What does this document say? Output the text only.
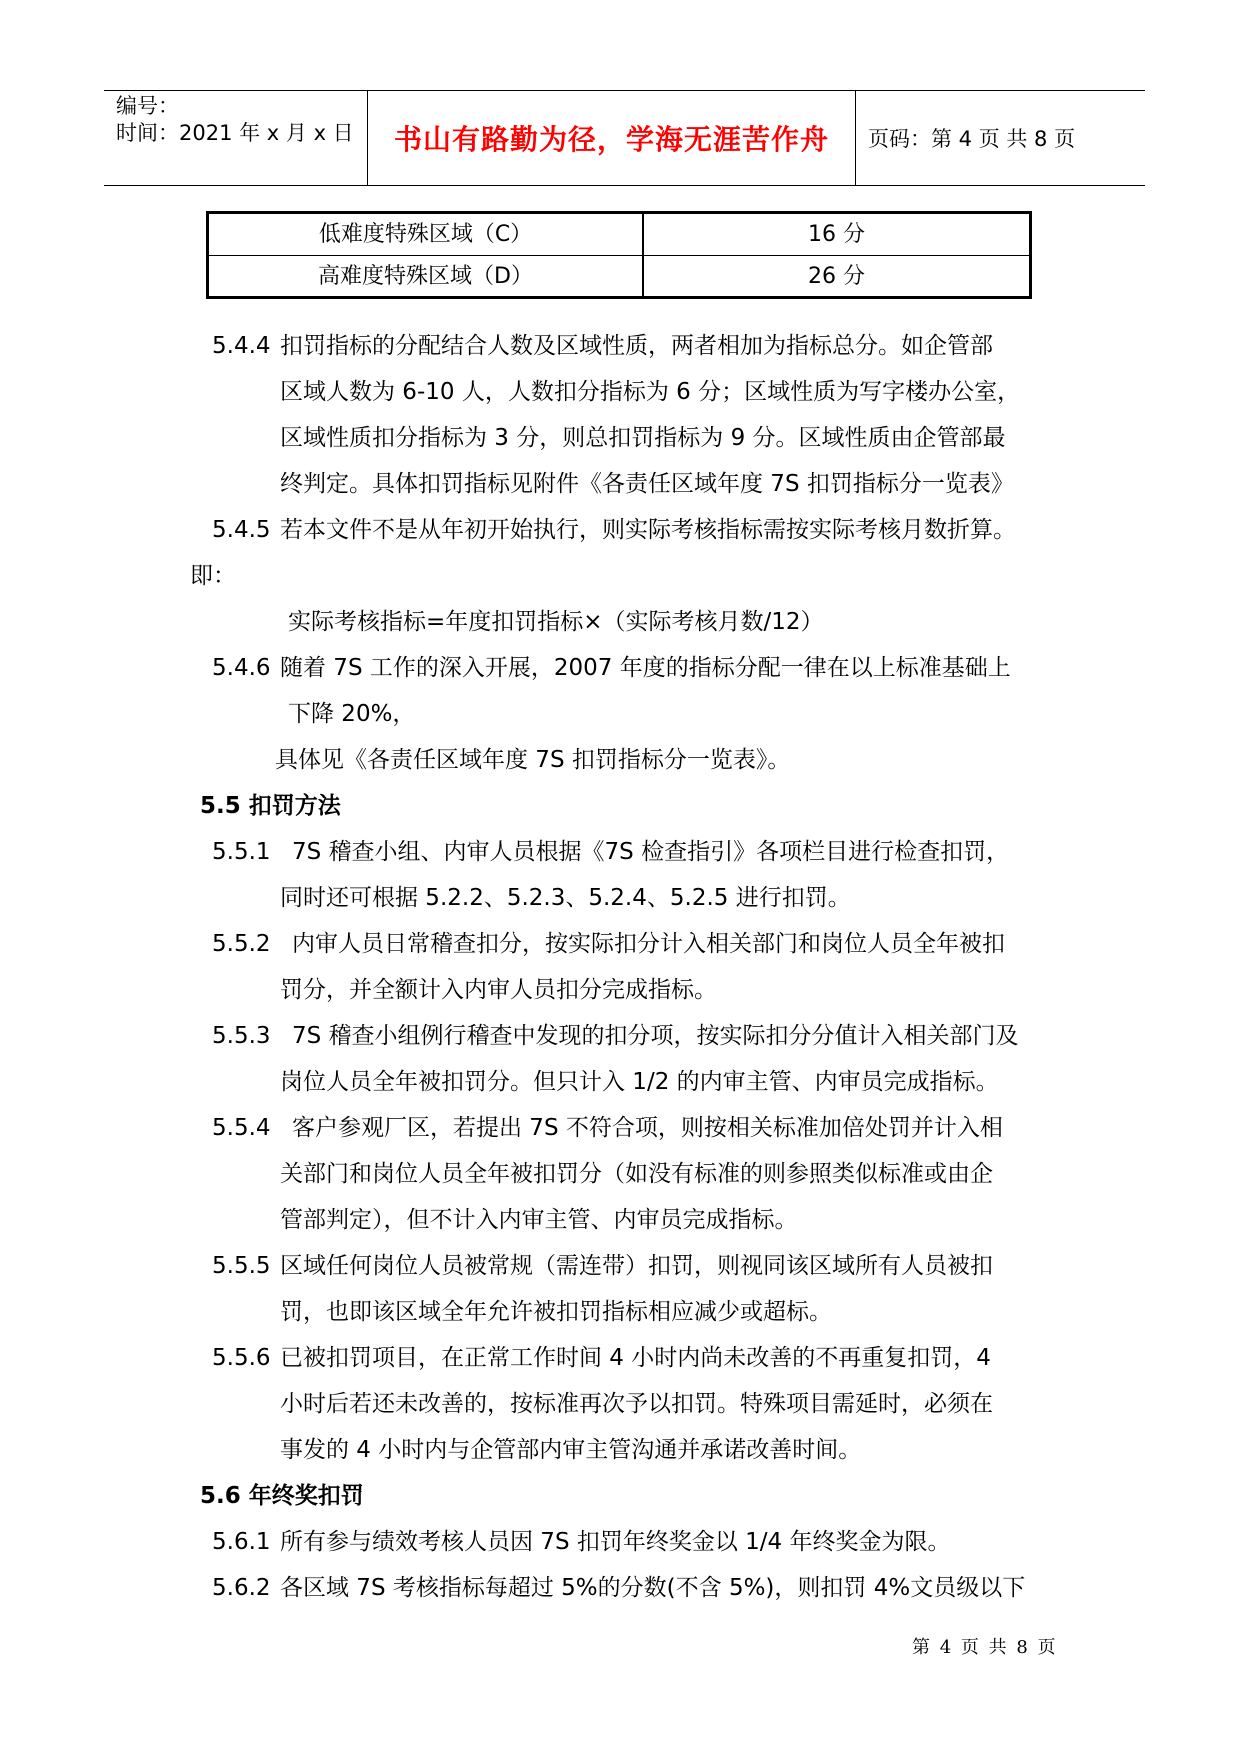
编号：
时间：2021 年 x 月 x 日	书山有路勤为径，学海无涯苦作舟	页码：第 4 页 共 8 页
低难度特殊区域（C）	16 分
高难度特殊区域（D）	26 分
5.4.4 扣罚指标的分配结合人数及区域性质，两者相加为指标总分。如企管部
区域人数为 6-10 人，人数扣分指标为 6 分；区域性质为写字楼办公室，
区域性质扣分指标为 3 分，则总扣罚指标为 9 分。区域性质由企管部最
终判定。具体扣罚指标见附件《各责任区域年度 7S 扣罚指标分一览表》
5.4.5 若本文件不是从年初开始执行，则实际考核指标需按实际考核月数折算。
即：
实际考核指标=年度扣罚指标×（实际考核月数/12）
5.4.6 随着 7S 工作的深入开展，2007 年度的指标分配一律在以上标准基础上
下降 20%，
具体见《各责任区域年度 7S 扣罚指标分一览表》。
5.5 扣罚方法
5.5.1 7S 稽查小组、内审人员根据《7S 检查指引》各项栏目进行检查扣罚，
同时还可根据 5.2.2、5.2.3、5.2.4、5.2.5 进行扣罚。
5.5.2 内审人员日常稽查扣分，按实际扣分计入相关部门和岗位人员全年被扣
罚分，并全额计入内审人员扣分完成指标。
5.5.3 7S 稽查小组例行稽查中发现的扣分项，按实际扣分分值计入相关部门及
岗位人员全年被扣罚分。但只计入 1/2 的内审主管、内审员完成指标。
5.5.4 客户参观厂区，若提出 7S 不符合项，则按相关标准加倍处罚并计入相
关部门和岗位人员全年被扣罚分（如没有标准的则参照类似标准或由企
管部判定），但不计入内审主管、内审员完成指标。
5.5.5 区域任何岗位人员被常规（需连带）扣罚，则视同该区域所有人员被扣
罚，也即该区域全年允许被扣罚指标相应减少或超标。
5.5.6 已被扣罚项目，在正常工作时间 4 小时内尚未改善的不再重复扣罚，4
小时后若还未改善的，按标准再次予以扣罚。特殊项目需延时，必须在
事发的 4 小时内与企管部内审主管沟通并承诺改善时间。
5.6 年终奖扣罚
5.6.1 所有参与绩效考核人员因 7S 扣罚年终奖金以 1/4 年终奖金为限。
5.6.2 各区域 7S 考核指标每超过 5%的分数(不含 5%)，则扣罚 4%文员级以下
第 4 页 共 8 页
